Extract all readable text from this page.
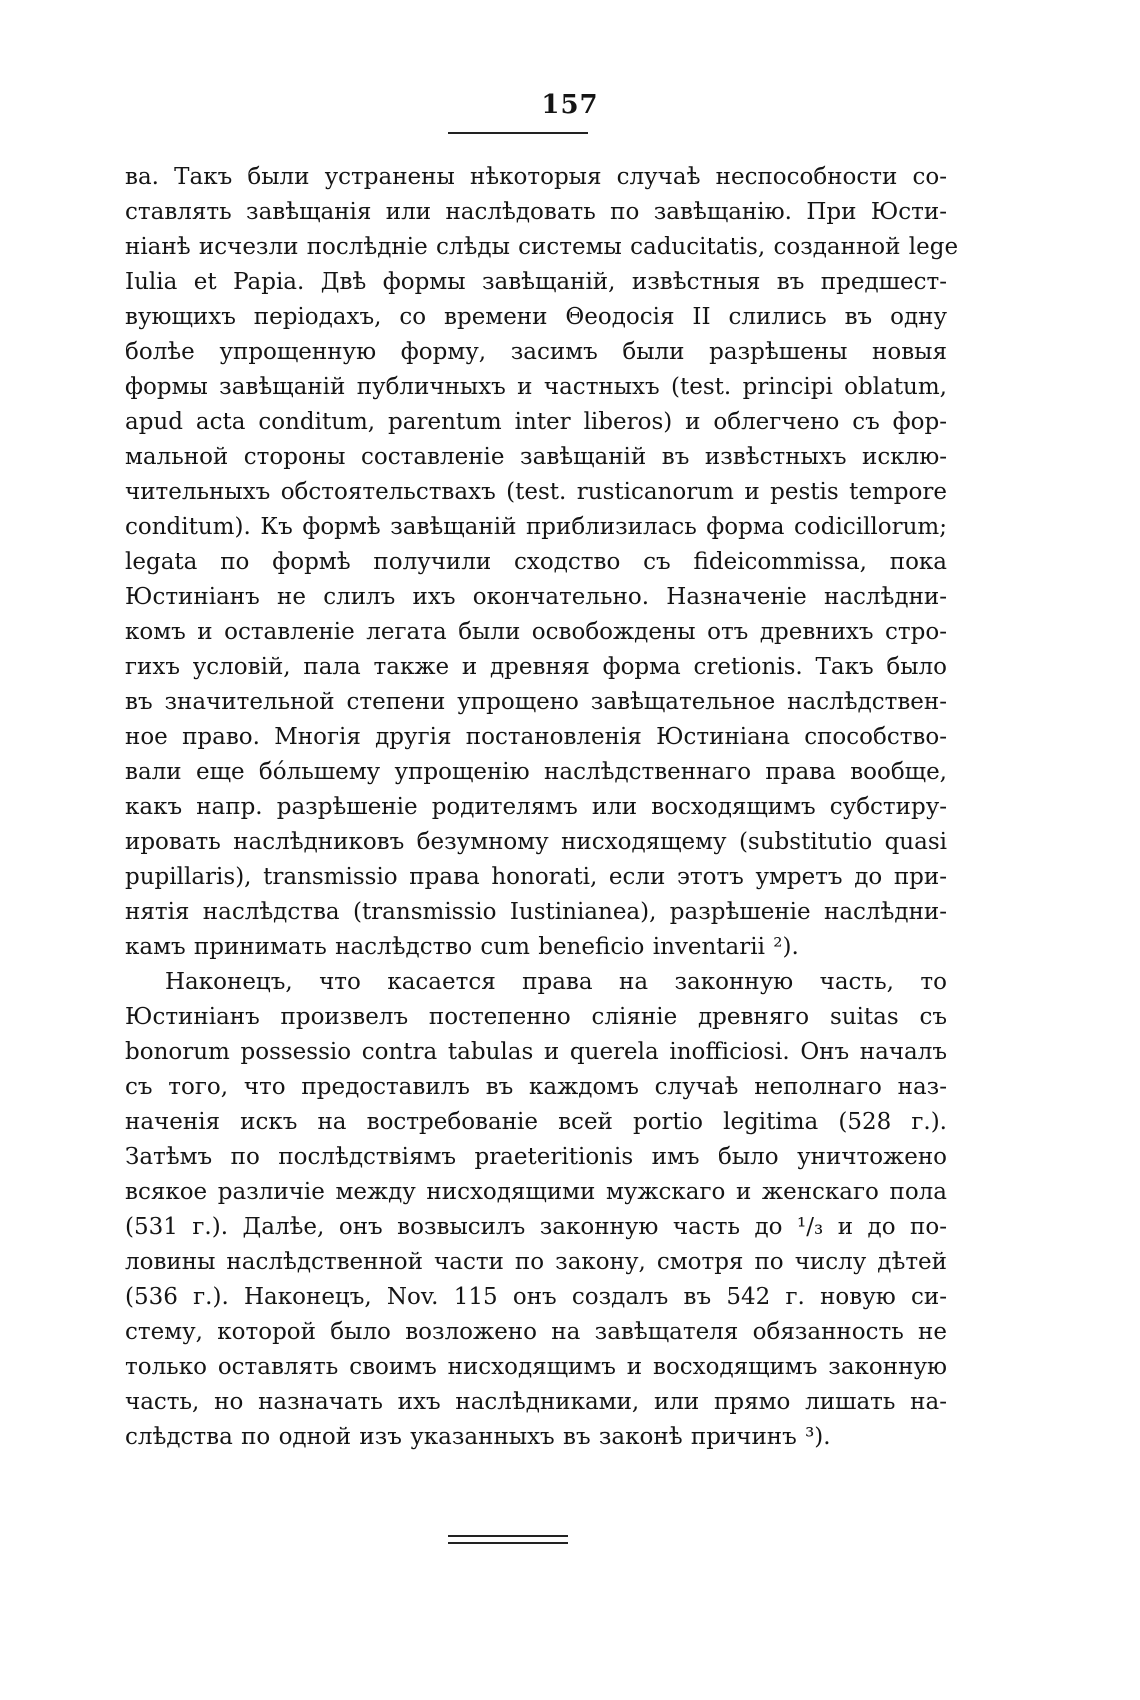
157
ва. Такъ были устранены нѣкоторыя случаѣ неспособности со-
ставлять завѣщанія или наслѣдовать по завѣщанію. При Юсти-
ніанѣ исчезли послѣдніе слѣды системы caducitatis, созданной lege
Iulia et Papia. Двѣ формы завѣщаній, извѣстныя въ предшест-
вующихъ періодахъ, со времени Θеодосія II слились въ одну
болѣе упрощенную форму, засимъ были разрѣшены новыя
формы завѣщаній публичныхъ и частныхъ (test. principi oblatum,
apud acta conditum, parentum inter liberos) и облегчено съ фор-
мальной стороны составленіе завѣщаній въ извѣстныхъ исклю-
чительныхъ обстоятельствахъ (test. rusticanorum и pestis tempore
conditum). Къ формѣ завѣщаній приблизилась форма codicillorum;
legata по формѣ получили сходство съ fideicommissa, пока
Юстиніанъ не слилъ ихъ окончательно. Назначеніе наслѣдни-
комъ и оставленіе легата были освобождены отъ древнихъ стро-
гихъ условій, пала также и древняя форма cretionis. Такъ было
въ значительной степени упрощено завѣщательное наслѣдствен-
ное право. Многія другія постановленія Юстиніана способство-
вали еще бо́льшему упрощенію наслѣдственнаго права вообще,
какъ напр. разрѣшеніе родителямъ или восходящимъ субстиру-
ировать наслѣдниковъ безумному нисходящему (substitutio quasi
pupillaris), transmissio права honorati, если этотъ умретъ до при-
нятія наслѣдства (transmissio Iustinianea), разрѣшеніе наслѣдни-
камъ принимать наслѣдство cum beneficio inventarii ²).
Наконецъ, что касается права на законную часть, то
Юстиніанъ произвелъ постепенно сліяніе древняго suitas съ
bonorum possessio contra tabulas и querela inofficiosi. Онъ началъ
съ того, что предоставилъ въ каждомъ случаѣ неполнаго наз-
наченія искъ на востребованіе всей portio legitima (528 г.).
Затѣмъ по послѣдствіямъ praeteritionis имъ было уничтожено
всякое различіе между нисходящими мужскаго и женскаго пола
(531 г.). Далѣе, онъ возвысилъ законную часть до ¹/₃ и до по-
ловины наслѣдственной части по закону, смотря по числу дѣтей
(536 г.). Наконецъ, Nov. 115 онъ создалъ въ 542 г. новую си-
стему, которой было возложено на завѣщателя обязанность не
только оставлять своимъ нисходящимъ и восходящимъ законную
часть, но назначать ихъ наслѣдниками, или прямо лишать на-
слѣдства по одной изъ указанныхъ въ законѣ причинъ ³).
